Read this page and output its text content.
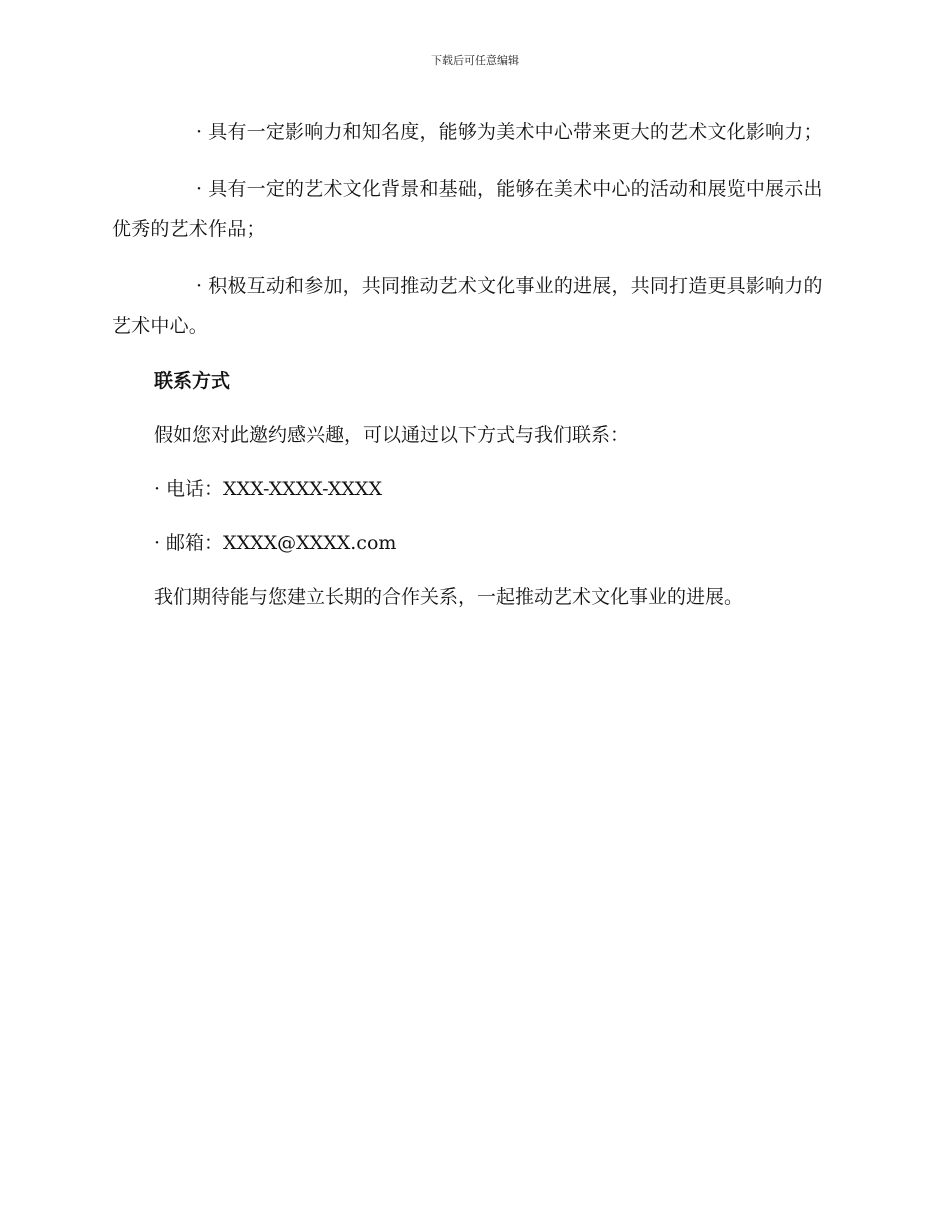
下载后可任意编辑

· 具有一定影响力和知名度，能够为美术中心带来更大的艺术文化影响力；

· 具有一定的艺术文化背景和基础，能够在美术中心的活动和展览中展示出优秀的艺术作品；

· 积极互动和参加，共同推动艺术文化事业的进展，共同打造更具影响力的艺术中心。

联系方式

假如您对此邀约感兴趣，可以通过以下方式与我们联系：

· 电话：XXX-XXXX-XXXX

· 邮箱：XXXX@XXXX.com

我们期待能与您建立长期的合作关系，一起推动艺术文化事业的进展。
